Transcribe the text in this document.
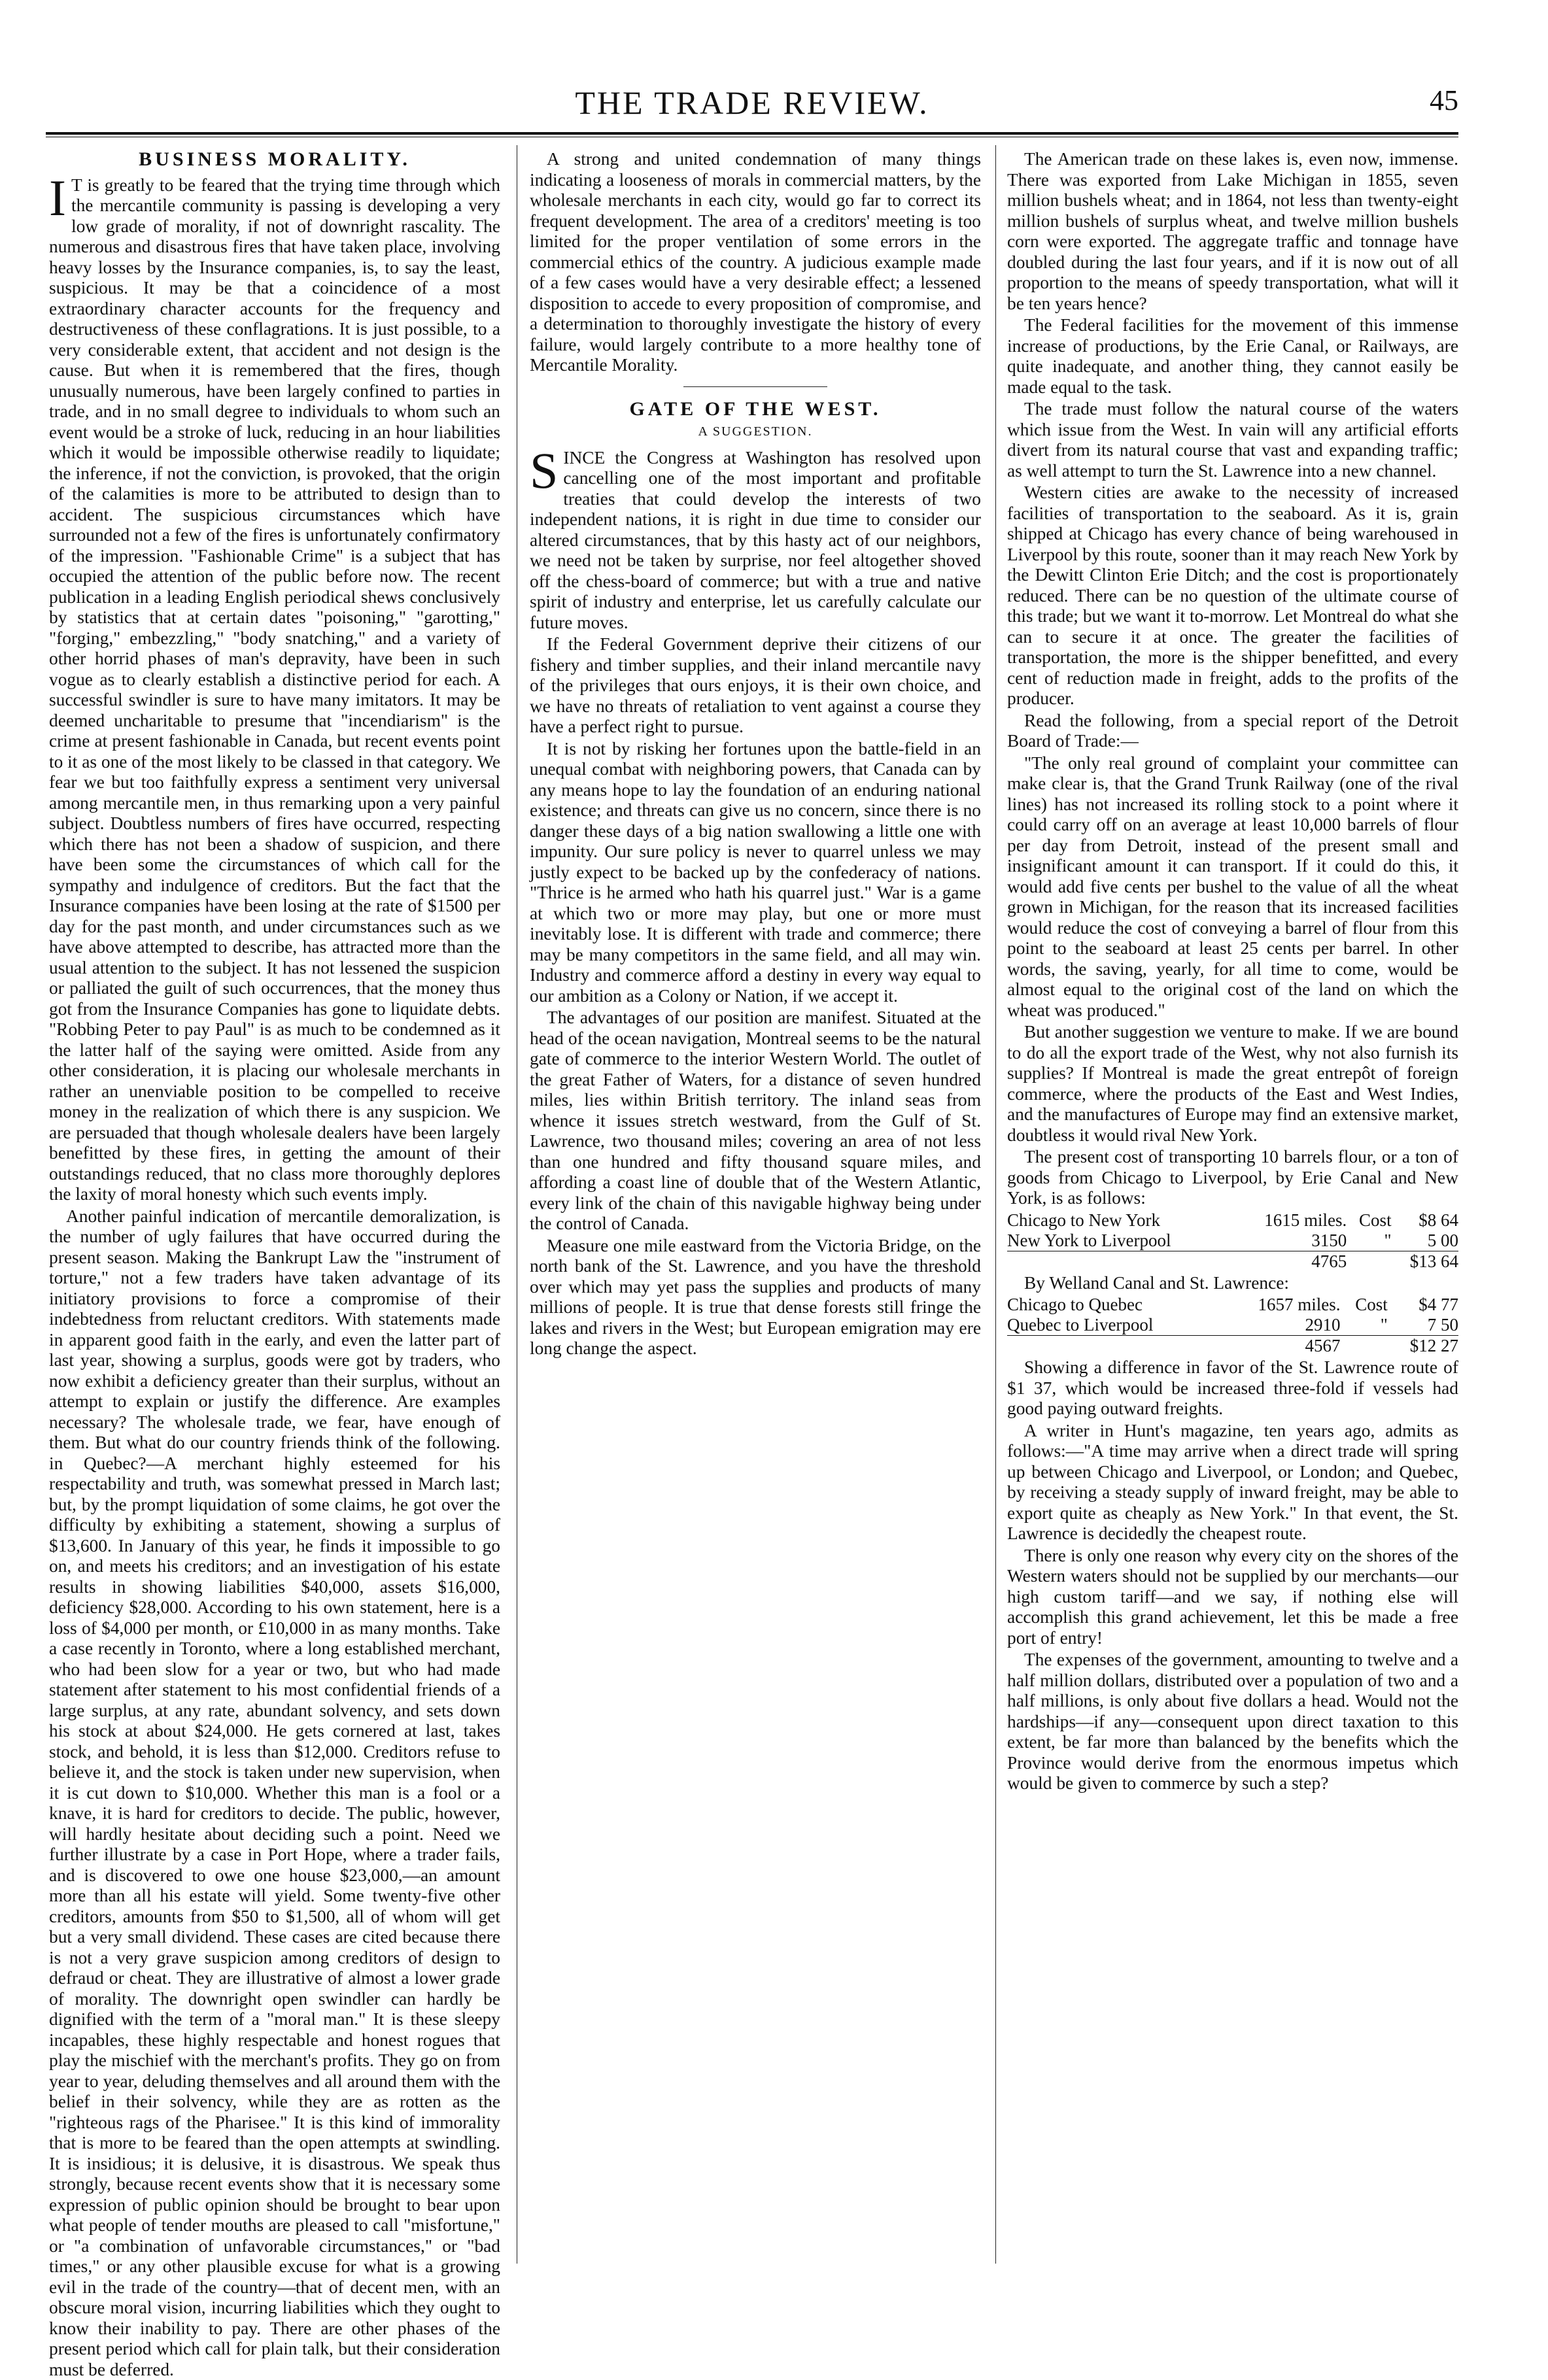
THE TRADE REVIEW.	45
BUSINESS MORALITY.

I T is greatly to be feared that the trying time through which the mercantile community is passing is developing a very low grade of morality, if not of downright rascality. The numerous and disastrous fires that have taken place, involving heavy losses by the Insurance companies, is, to say the least, suspicious. It may be that a coincidence of a most extraordinary character accounts for the frequency and destructiveness of these conflagrations. It is just possible, to a very considerable extent, that accident and not design is the cause. But when it is remembered that the fires, though unusually numerous, have been largely confined to parties in trade, and in no small degree to individuals to whom such an event would be a stroke of luck, reducing in an hour liabilities which it would be impossible otherwise readily to liquidate; the inference, if not the conviction, is provoked, that the origin of the calamities is more to be attributed to design than to accident. The suspicious circumstances which have surrounded not a few of the fires is unfortunately confirmatory of the impression. "Fashionable Crime" is a subject that has occupied the attention of the public before now. The recent publication in a leading English periodical shews conclusively by statistics that at certain dates "poisoning," "garotting," "forging," embezzling," "body snatching," and a variety of other horrid phases of man's depravity, have been in such vogue as to clearly establish a distinctive period for each. A successful swindler is sure to have many imitators. It may be deemed uncharitable to presume that "incendiarism" is the crime at present fashionable in Canada, but recent events point to it as one of the most likely to be classed in that category. We fear we but too faithfully express a sentiment very universal among mercantile men, in thus remarking upon a very painful subject. Doubtless numbers of fires have occurred, respecting which there has not been a shadow of suspicion, and there have been some the circumstances of which call for the sympathy and indulgence of creditors. But the fact that the Insurance companies have been losing at the rate of $1500 per day for the past month, and under circumstances such as we have above attempted to describe, has attracted more than the usual attention to the subject. It has not lessened the suspicion or palliated the guilt of such occurrences, that the money thus got from the Insurance Companies has gone to liquidate debts. "Robbing Peter to pay Paul" is as much to be condemned as it the latter half of the saying were omitted. Aside from any other consideration, it is placing our wholesale merchants in rather an unenviable position to be compelled to receive money in the realization of which there is any suspicion. We are persuaded that though wholesale dealers have been largely benefitted by these fires, in getting the amount of their outstandings reduced, that no class more thoroughly deplores the laxity of moral honesty which such events imply.

Another painful indication of mercantile demoralization, is the number of ugly failures that have occurred during the present season. Making the Bankrupt Law the "instrument of torture," not a few traders have taken advantage of its initiatory provisions to force a compromise of their indebtedness from reluctant creditors. With statements made in apparent good faith in the early, and even the latter part of last year, showing a surplus, goods were got by traders, who now exhibit a deficiency greater than their surplus, without an attempt to explain or justify the difference. Are examples necessary? The wholesale trade, we fear, have enough of them. But what do our country friends think of the following. in Quebec?—A merchant highly esteemed for his respectability and truth, was somewhat pressed in March last; but, by the prompt liquidation of some claims, he got over the difficulty by exhibiting a statement, showing a surplus of $13,600. In January of this year, he finds it impossible to go on, and meets his creditors; and an investigation of his estate results in showing liabilities $40,000, assets $16,000, deficiency $28,000. According to his own statement, here is a loss of $4,000 per month, or £10,000 in as many months. Take a case recently in Toronto, where a long established merchant, who had been slow for a year or two, but who had made statement after statement to his most confidential friends of a large surplus, at any rate, abundant solvency, and sets down his stock at about $24,000. He gets cornered at last, takes stock, and behold, it is less than $12,000. Creditors refuse to believe it, and the stock is taken under new supervision, when it is cut down to $10,000. Whether this man is a fool or a knave, it is hard for creditors to decide. The public, however, will hardly hesitate about deciding such a point. Need we further illustrate by a case in Port Hope, where a trader fails, and is discovered to owe one house $23,000,—an amount more than all his estate will yield. Some twenty-five other creditors, amounts from $50 to $1,500, all of whom will get but a very small dividend. These cases are cited because there is not a very grave suspicion among creditors of design to defraud or cheat. They are illustrative of almost a lower grade of morality. The downright open swindler can hardly be dignified with the term of a "moral man." It is these sleepy incapables, these highly respectable and honest rogues that play the mischief with the merchant's profits. They go on from year to year, deluding themselves and all around them with the belief in their solvency, while they are as rotten as the "righteous rags of the Pharisee." It is this kind of immorality that is more to be feared than the open attempts at swindling. It is insidious; it is delusive, it is disastrous. We speak thus strongly, because recent events show that it is necessary some expression of public opinion should be brought to bear upon what people of tender mouths are pleased to call "misfortune," or "a combination of unfavorable circumstances," or "bad times," or any other plausible excuse for what is a growing evil in the trade of the country—that of decent men, with an obscure moral vision, incurring liabilities which they ought to know their inability to pay. There are other phases of the present period which call for plain talk, but their consideration must be deferred.

A strong and united condemnation of many things indicating a looseness of morals in commercial matters, by the wholesale merchants in each city, would go far to correct its frequent development. The area of a creditors' meeting is too limited for the proper ventilation of some errors in the commercial ethics of the country. A judicious example made of a few cases would have a very desirable effect; a lessened disposition to accede to every proposition of compromise, and a determination to thoroughly investigate the history of every failure, would largely contribute to a more healthy tone of Mercantile Morality.

GATE OF THE WEST.
A SUGGESTION.

SINCE the Congress at Washington has resolved upon cancelling one of the most important and profitable treaties that could develop the interests of two independent nations, it is right in due time to consider our altered circumstances, that by this hasty act of our neighbors, we need not be taken by surprise, nor feel altogether shoved off the chess-board of commerce; but with a true and native spirit of industry and enterprise, let us carefully calculate our future moves.

If the Federal Government deprive their citizens of our fishery and timber supplies, and their inland mercantile navy of the privileges that ours enjoys, it is their own choice, and we have no threats of retaliation to vent against a course they have a perfect right to pursue.

It is not by risking her fortunes upon the battle-field in an unequal combat with neighboring powers, that Canada can by any means hope to lay the foundation of an enduring national existence; and threats can give us no concern, since there is no danger these days of a big nation swallowing a little one with impunity. Our sure policy is never to quarrel unless we may justly expect to be backed up by the confederacy of nations. "Thrice is he armed who hath his quarrel just." War is a game at which two or more may play, but one or more must inevitably lose. It is different with trade and commerce; there may be many competitors in the same field, and all may win. Industry and commerce afford a destiny in every way equal to our ambition as a Colony or Nation, if we accept it.

The advantages of our position are manifest. Situated at the head of the ocean navigation, Montreal seems to be the natural gate of commerce to the interior Western World. The outlet of the great Father of Waters, for a distance of seven hundred miles, lies within British territory. The inland seas from whence it issues stretch westward, from the Gulf of St. Lawrence, two thousand miles; covering an area of not less than one hundred and fifty thousand square miles, and affording a coast line of double that of the Western Atlantic, every link of the chain of this navigable highway being under the control of Canada.

Measure one mile eastward from the Victoria Bridge, on the north bank of the St. Lawrence, and you have the threshold over which may yet pass the supplies and products of many millions of people. It is true that dense forests still fringe the lakes and rivers in the West; but European emigration may ere long change the aspect.

The American trade on these lakes is, even now, immense. There was exported from Lake Michigan in 1855, seven million bushels wheat; and in 1864, not less than twenty-eight million bushels of surplus wheat, and twelve million bushels corn were exported. The aggregate traffic and tonnage have doubled during the last four years, and if it is now out of all proportion to the means of speedy transportation, what will it be ten years hence?

The Federal facilities for the movement of this immense increase of productions, by the Erie Canal, or Railways, are quite inadequate, and another thing, they cannot easily be made equal to the task.

The trade must follow the natural course of the waters which issue from the West. In vain will any artificial efforts divert from its natural course that vast and expanding traffic; as well attempt to turn the St. Lawrence into a new channel.

Western cities are awake to the necessity of increased facilities of transportation to the seaboard. As it is, grain shipped at Chicago has every chance of being warehoused in Liverpool by this route, sooner than it may reach New York by the Dewitt Clinton Erie Ditch; and the cost is proportionately reduced. There can be no question of the ultimate course of this trade; but we want it to-morrow. Let Montreal do what she can to secure it at once. The greater the facilities of transportation, the more is the shipper benefitted, and every cent of reduction made in freight, adds to the profits of the producer.

Read the following, from a special report of the Detroit Board of Trade:—

"The only real ground of complaint your committee can make clear is, that the Grand Trunk Railway (one of the rival lines) has not increased its rolling stock to a point where it could carry off on an average at least 10,000 barrels of flour per day from Detroit, instead of the present small and insignificant amount it can transport. If it could do this, it would add five cents per bushel to the value of all the wheat grown in Michigan, for the reason that its increased facilities would reduce the cost of conveying a barrel of flour from this point to the seaboard at least 25 cents per barrel. In other words, the saving, yearly, for all time to come, would be almost equal to the original cost of the land on which the wheat was produced."

But another suggestion we venture to make. If we are bound to do all the export trade of the West, why not also furnish its supplies? If Montreal is made the great entrepôt of foreign commerce, where the products of the East and West Indies, and the manufactures of Europe may find an extensive market, doubtless it would rival New York.

The present cost of transporting 10 barrels flour, or a ton of goods from Chicago to Liverpool, by Erie Canal and New York, is as follows:

Chicago to New York	1615 miles.	Cost	$8 64
New York to Liverpool	3150	"	5 00
	4765		$13 64

By Welland Canal and St. Lawrence:

Chicago to Quebec	1657 miles.	Cost	$4 77
Quebec to Liverpool	2910	"	7 50
	4567		$12 27

Showing a difference in favor of the St. Lawrence route of $1 37, which would be increased three-fold if vessels had good paying outward freights.

A writer in Hunt's magazine, ten years ago, admits as follows:—"A time may arrive when a direct trade will spring up between Chicago and Liverpool, or London; and Quebec, by receiving a steady supply of inward freight, may be able to export quite as cheaply as New York." In that event, the St. Lawrence is decidedly the cheapest route.

There is only one reason why every city on the shores of the Western waters should not be supplied by our merchants—our high custom tariff—and we say, if nothing else will accomplish this grand achievement, let this be made a free port of entry!

The expenses of the government, amounting to twelve and a half million dollars, distributed over a population of two and a half millions, is only about five dollars a head. Would not the hardships—if any—consequent upon direct taxation to this extent, be far more than balanced by the benefits which the Province would derive from the enormous impetus which would be given to commerce by such a step?
